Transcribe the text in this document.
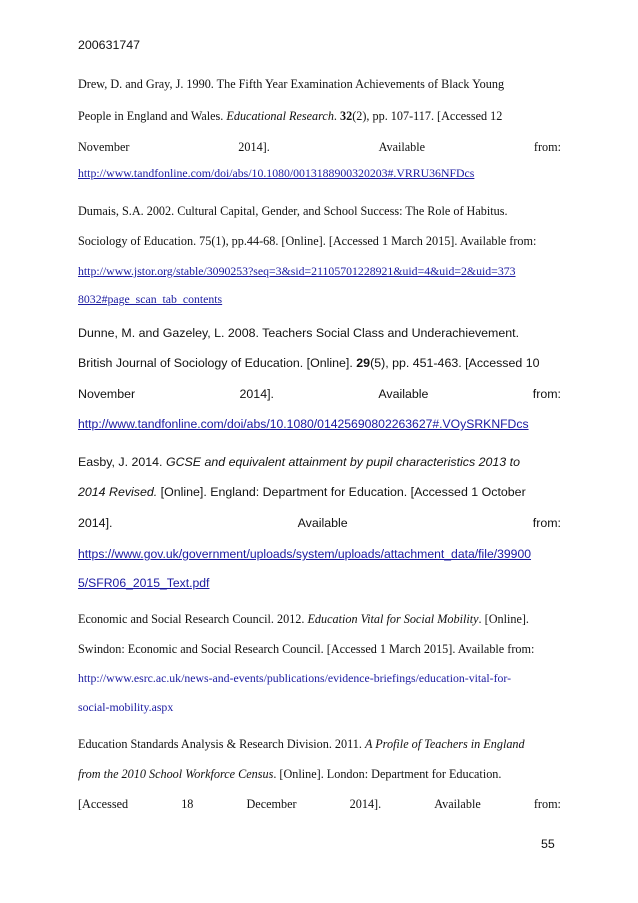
200631747
Drew, D. and Gray, J. 1990. The Fifth Year Examination Achievements of Black Young
People in England and Wales. Educational Research. 32(2), pp. 107-117. [Accessed 12
November	2014].	Available	from:
http://www.tandfonline.com/doi/abs/10.1080/0013188900320203#.VRRU36NFDcs
Dumais, S.A. 2002. Cultural Capital, Gender, and School Success: The Role of Habitus.
Sociology of Education. 75(1), pp.44-68. [Online]. [Accessed 1 March 2015]. Available from:
http://www.jstor.org/stable/3090253?seq=3&sid=21105701228921&uid=4&uid=2&uid=373
8032#page_scan_tab_contents
Dunne, M. and Gazeley, L. 2008. Teachers Social Class and Underachievement.
British Journal of Sociology of Education. [Online]. 29(5), pp. 451-463. [Accessed 10
November	2014].	Available	from:
http://www.tandfonline.com/doi/abs/10.1080/01425690802263627#.VOySRKNFDcs
Easby, J. 2014. GCSE and equivalent attainment by pupil characteristics 2013 to
2014 Revised. [Online]. England: Department for Education. [Accessed 1 October
2014].	Available	from:
https://www.gov.uk/government/uploads/system/uploads/attachment_data/file/39900
5/SFR06_2015_Text.pdf
Economic and Social Research Council. 2012. Education Vital for Social Mobility. [Online].
Swindon: Economic and Social Research Council. [Accessed 1 March 2015]. Available from:
http://www.esrc.ac.uk/news-and-events/publications/evidence-briefings/education-vital-for-
social-mobility.aspx
Education Standards Analysis & Research Division. 2011. A Profile of Teachers in England
from the 2010 School Workforce Census. [Online]. London: Department for Education.
[Accessed	18	December	2014].	Available	from:
55
